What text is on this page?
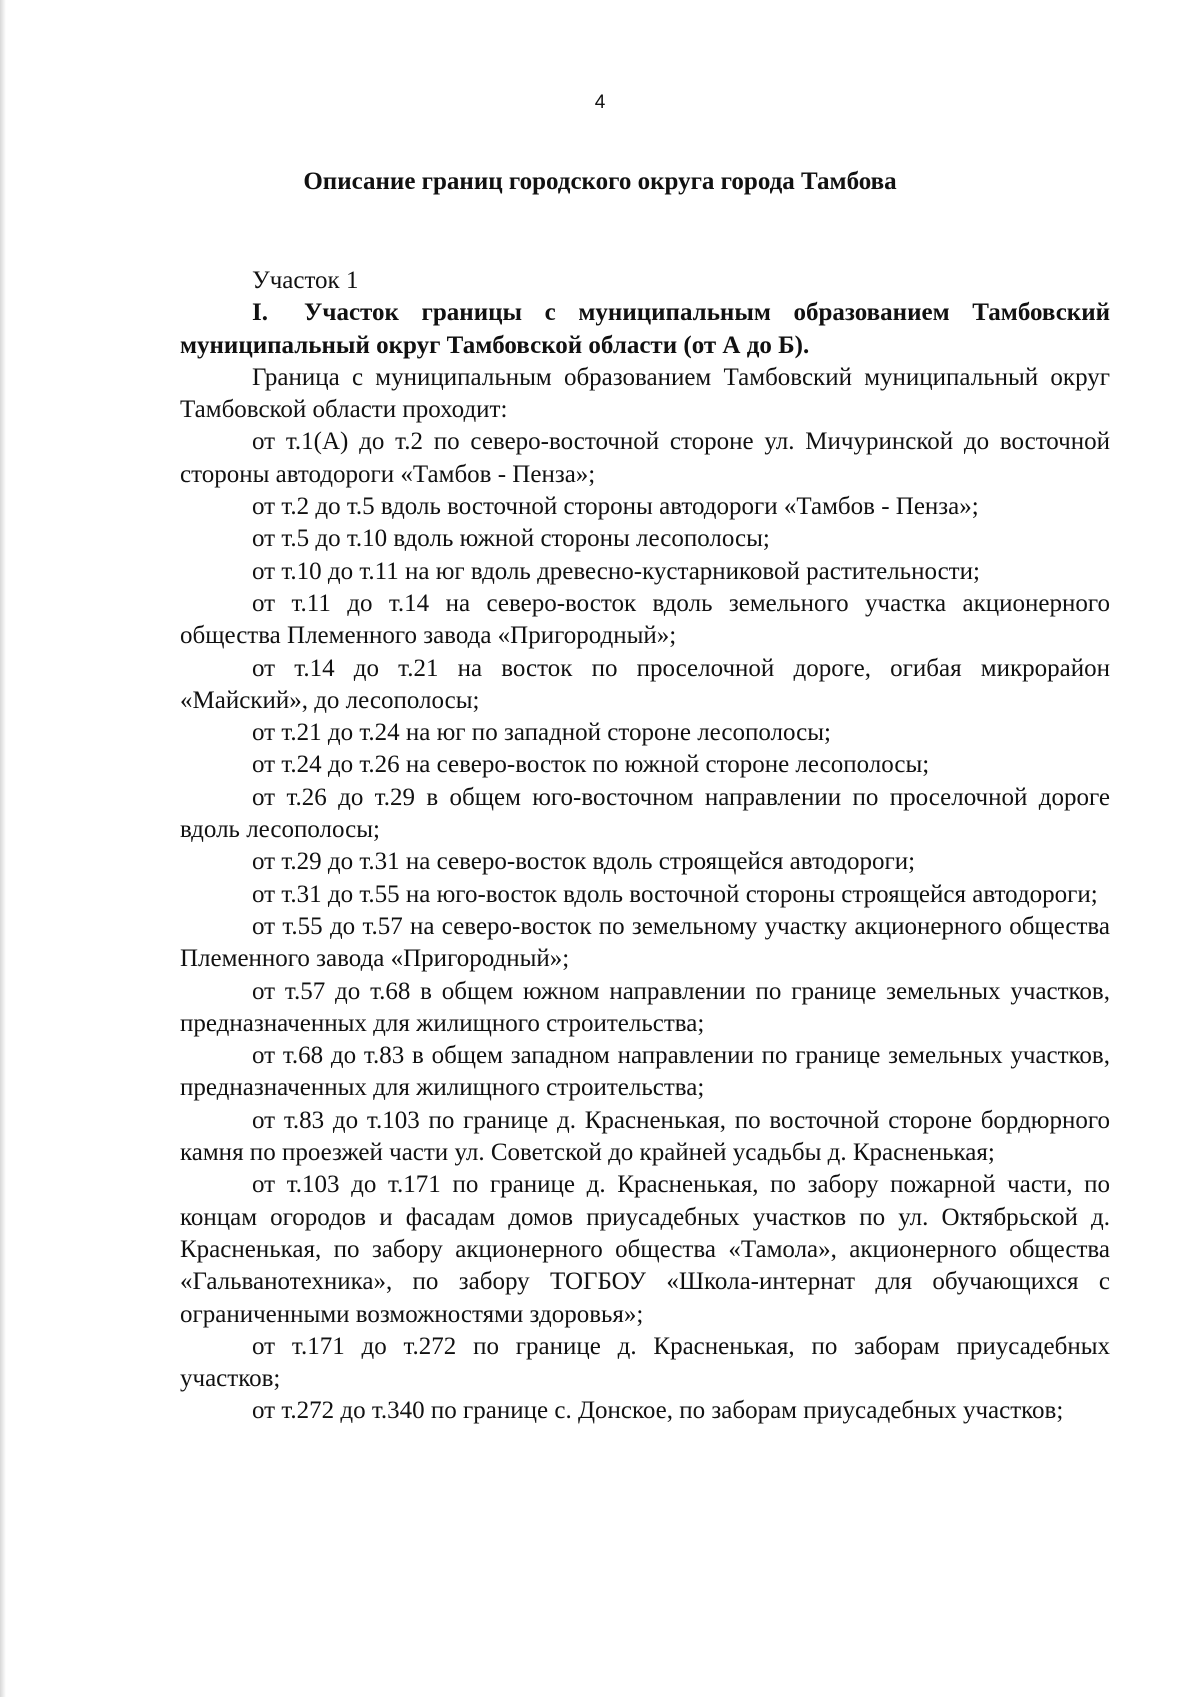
4
Описание границ городского округа города Тамбова

Участок 1

I. Участок границы с муниципальным образованием Тамбовский муниципальный округ Тамбовской области (от А до Б).

Граница с муниципальным образованием Тамбовский муниципальный округ Тамбовской области проходит:

от т.1(А) до т.2 по северо-восточной стороне ул. Мичуринской до восточной стороны автодороги «Тамбов - Пенза»;

от т.2 до т.5 вдоль восточной стороны автодороги «Тамбов - Пенза»;

от т.5 до т.10 вдоль южной стороны лесополосы;

от т.10 до т.11 на юг вдоль древесно-кустарниковой растительности;

от т.11 до т.14 на северо-восток вдоль земельного участка акционерного общества Племенного завода «Пригородный»;

от т.14 до т.21 на восток по проселочной дороге, огибая микрорайон «Майский», до лесополосы;

от т.21 до т.24 на юг по западной стороне лесополосы;

от т.24 до т.26 на северо-восток по южной стороне лесополосы;

от т.26 до т.29 в общем юго-восточном направлении по проселочной дороге вдоль лесополосы;

от т.29 до т.31 на северо-восток вдоль строящейся автодороги;

от т.31 до т.55 на юго-восток вдоль восточной стороны строящейся автодороги;

от т.55 до т.57 на северо-восток по земельному участку акционерного общества Племенного завода «Пригородный»;

от т.57 до т.68 в общем южном направлении по границе земельных участков, предназначенных для жилищного строительства;

от т.68 до т.83 в общем западном направлении по границе земельных участков, предназначенных для жилищного строительства;

от т.83 до т.103 по границе д. Красненькая, по восточной стороне бордюрного камня по проезжей части ул. Советской до крайней усадьбы д. Красненькая;

от т.103 до т.171 по границе д. Красненькая, по забору пожарной части, по концам огородов и фасадам домов приусадебных участков по ул. Октябрьской д. Красненькая, по забору акционерного общества «Тамола», акционерного общества «Гальванотехника», по забору ТОГБОУ «Школа-интернат для обучающихся с ограниченными возможностями здоровья»;

от т.171 до т.272 по границе д. Красненькая, по заборам приусадебных участков;

от т.272 до т.340 по границе с. Донское, по заборам приусадебных участков;
